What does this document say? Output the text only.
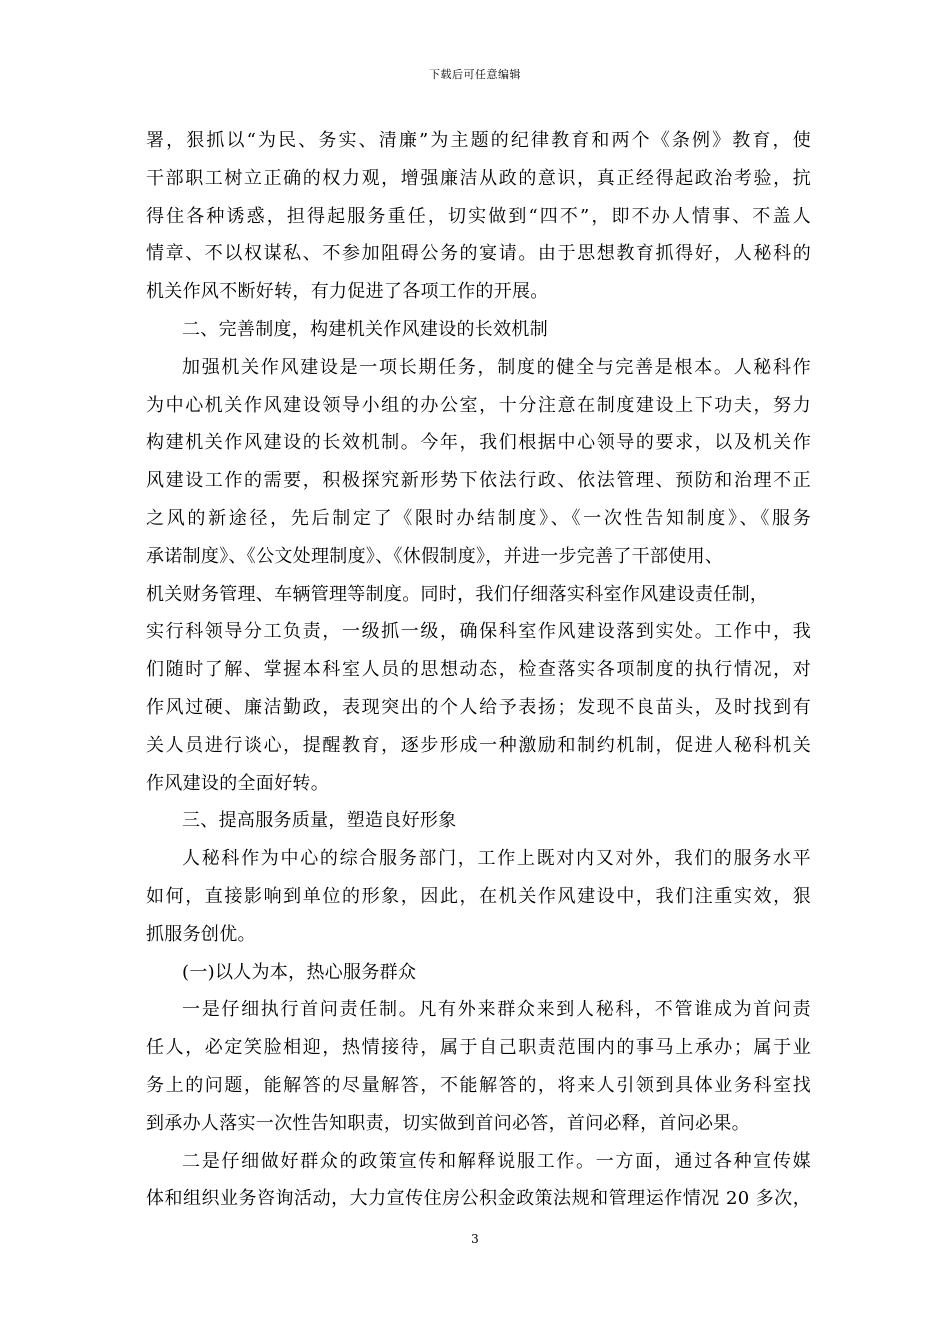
下载后可任意编辑
署，狠抓以“为民、务实、清廉”为主题的纪律教育和两个《条例》教育，使
干部职工树立正确的权力观，增强廉洁从政的意识，真正经得起政治考验，抗
得住各种诱惑，担得起服务重任，切实做到“四不”，即不办人情事、不盖人
情章、不以权谋私、不参加阻碍公务的宴请。由于思想教育抓得好，人秘科的
机关作风不断好转，有力促进了各项工作的开展。
二、完善制度，构建机关作风建设的长效机制
加强机关作风建设是一项长期任务，制度的健全与完善是根本。人秘科作
为中心机关作风建设领导小组的办公室，十分注意在制度建设上下功夫，努力
构建机关作风建设的长效机制。今年，我们根据中心领导的要求，以及机关作
风建设工作的需要，积极探究新形势下依法行政、依法管理、预防和治理不正
之风的新途径，先后制定了《限时办结制度》、《一次性告知制度》、《服务
承诺制度》、《公文处理制度》、《休假制度》，并进一步完善了干部使用、
机关财务管理、车辆管理等制度。同时，我们仔细落实科室作风建设责任制，
实行科领导分工负责，一级抓一级，确保科室作风建设落到实处。工作中，我
们随时了解、掌握本科室人员的思想动态，检查落实各项制度的执行情况，对
作风过硬、廉洁勤政，表现突出的个人给予表扬；发现不良苗头，及时找到有
关人员进行谈心，提醒教育，逐步形成一种激励和制约机制，促进人秘科机关
作风建设的全面好转。
三、提高服务质量，塑造良好形象
人秘科作为中心的综合服务部门，工作上既对内又对外，我们的服务水平
如何，直接影响到单位的形象，因此，在机关作风建设中，我们注重实效，狠
抓服务创优。
(一)以人为本，热心服务群众
一是仔细执行首问责任制。凡有外来群众来到人秘科，不管谁成为首问责
任人，必定笑脸相迎，热情接待，属于自己职责范围内的事马上承办；属于业
务上的问题，能解答的尽量解答，不能解答的，将来人引领到具体业务科室找
到承办人落实一次性告知职责，切实做到首问必答，首问必释，首问必果。
二是仔细做好群众的政策宣传和解释说服工作。一方面，通过各种宣传媒
体和组织业务咨询活动，大力宣传住房公积金政策法规和管理运作情况 20 多次，
3
